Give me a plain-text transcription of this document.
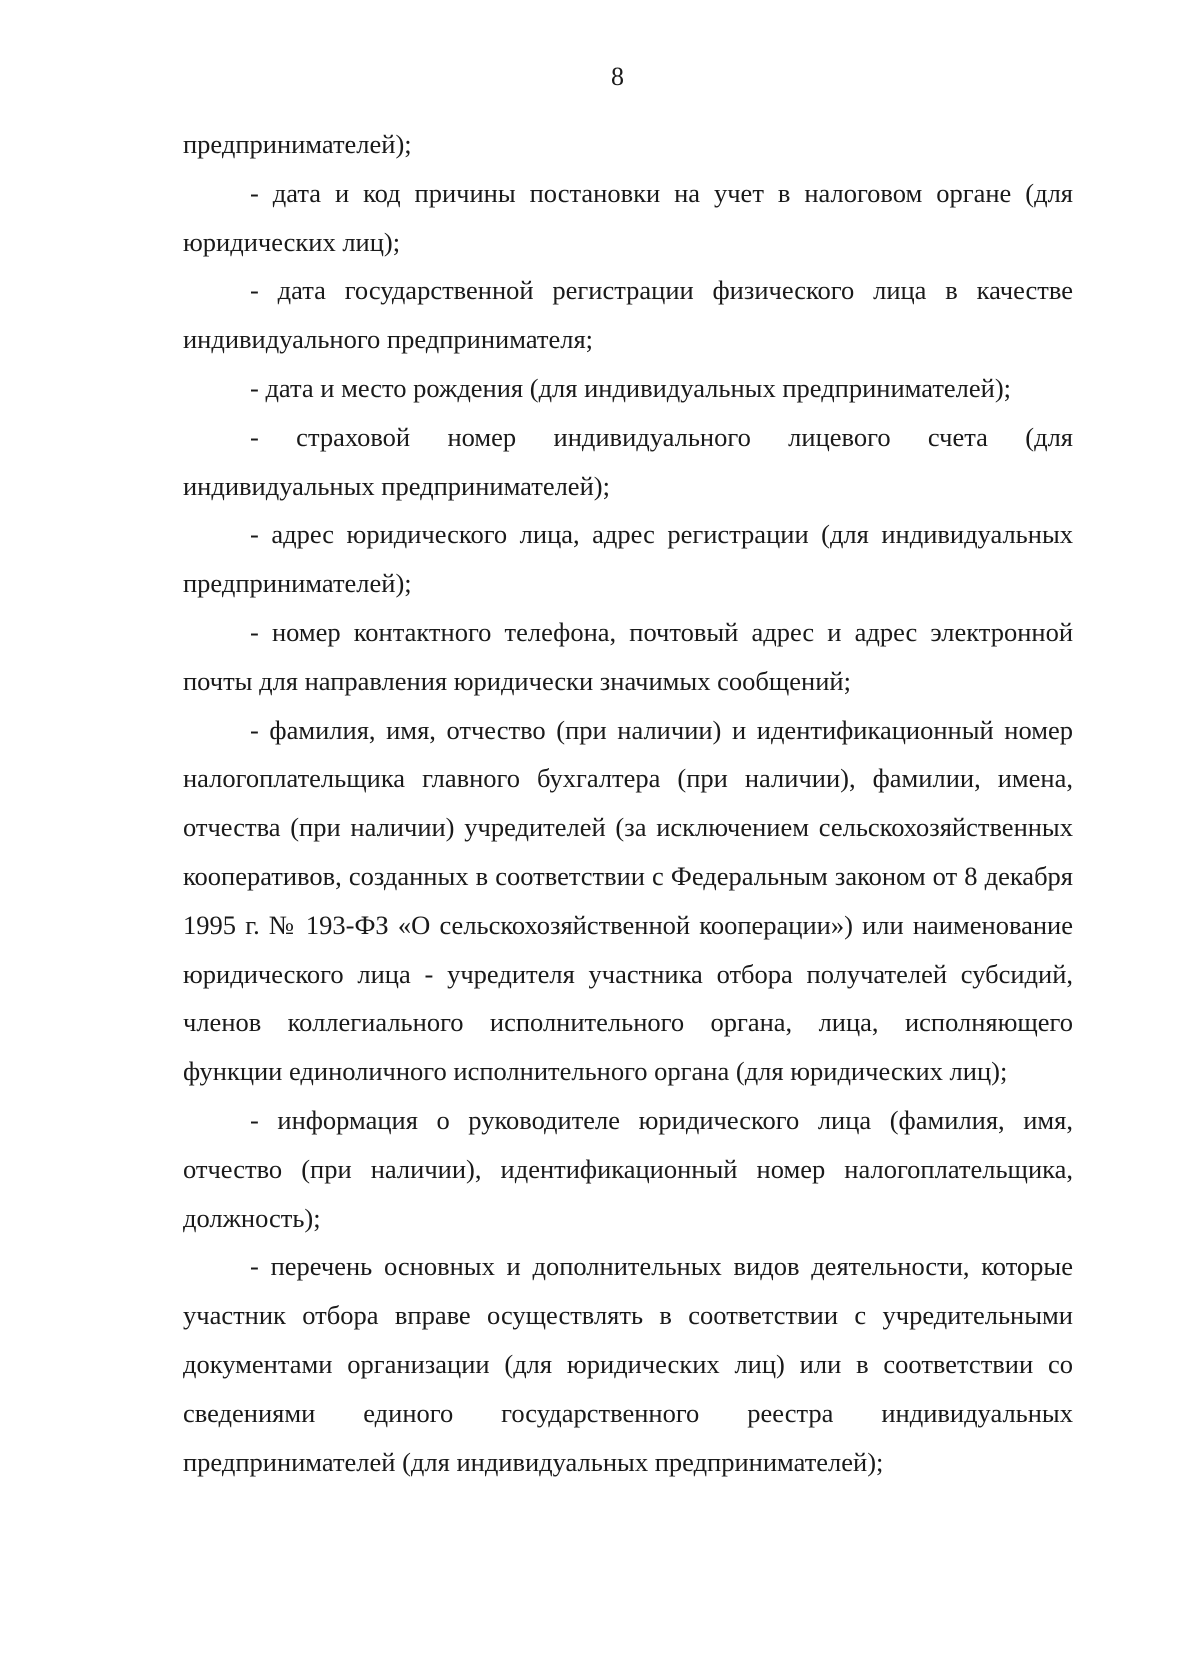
8

предпринимателей);

- дата и код причины постановки на учет в налоговом органе (для юридических лиц);

- дата государственной регистрации физического лица в качестве индивидуального предпринимателя;

- дата и место рождения (для индивидуальных предпринимателей);

- страховой номер индивидуального лицевого счета (для индивидуальных предпринимателей);

- адрес юридического лица, адрес регистрации (для индивидуальных предпринимателей);

- номер контактного телефона, почтовый адрес и адрес электронной почты для направления юридически значимых сообщений;

- фамилия, имя, отчество (при наличии) и идентификационный номер налогоплательщика главного бухгалтера (при наличии), фамилии, имена, отчества (при наличии) учредителей (за исключением сельскохозяйственных кооперативов, созданных в соответствии с Федеральным законом от 8 декабря 1995 г. № 193-ФЗ «О сельскохозяйственной кооперации») или наименование юридического лица - учредителя участника отбора получателей субсидий, членов коллегиального исполнительного органа, лица, исполняющего функции единоличного исполнительного органа (для юридических лиц);

- информация о руководителе юридического лица (фамилия, имя, отчество (при наличии), идентификационный номер налогоплательщика, должность);

- перечень основных и дополнительных видов деятельности, которые участник отбора вправе осуществлять в соответствии с учредительными документами организации (для юридических лиц) или в соответствии со сведениями единого государственного реестра индивидуальных предпринимателей (для индивидуальных предпринимателей);
